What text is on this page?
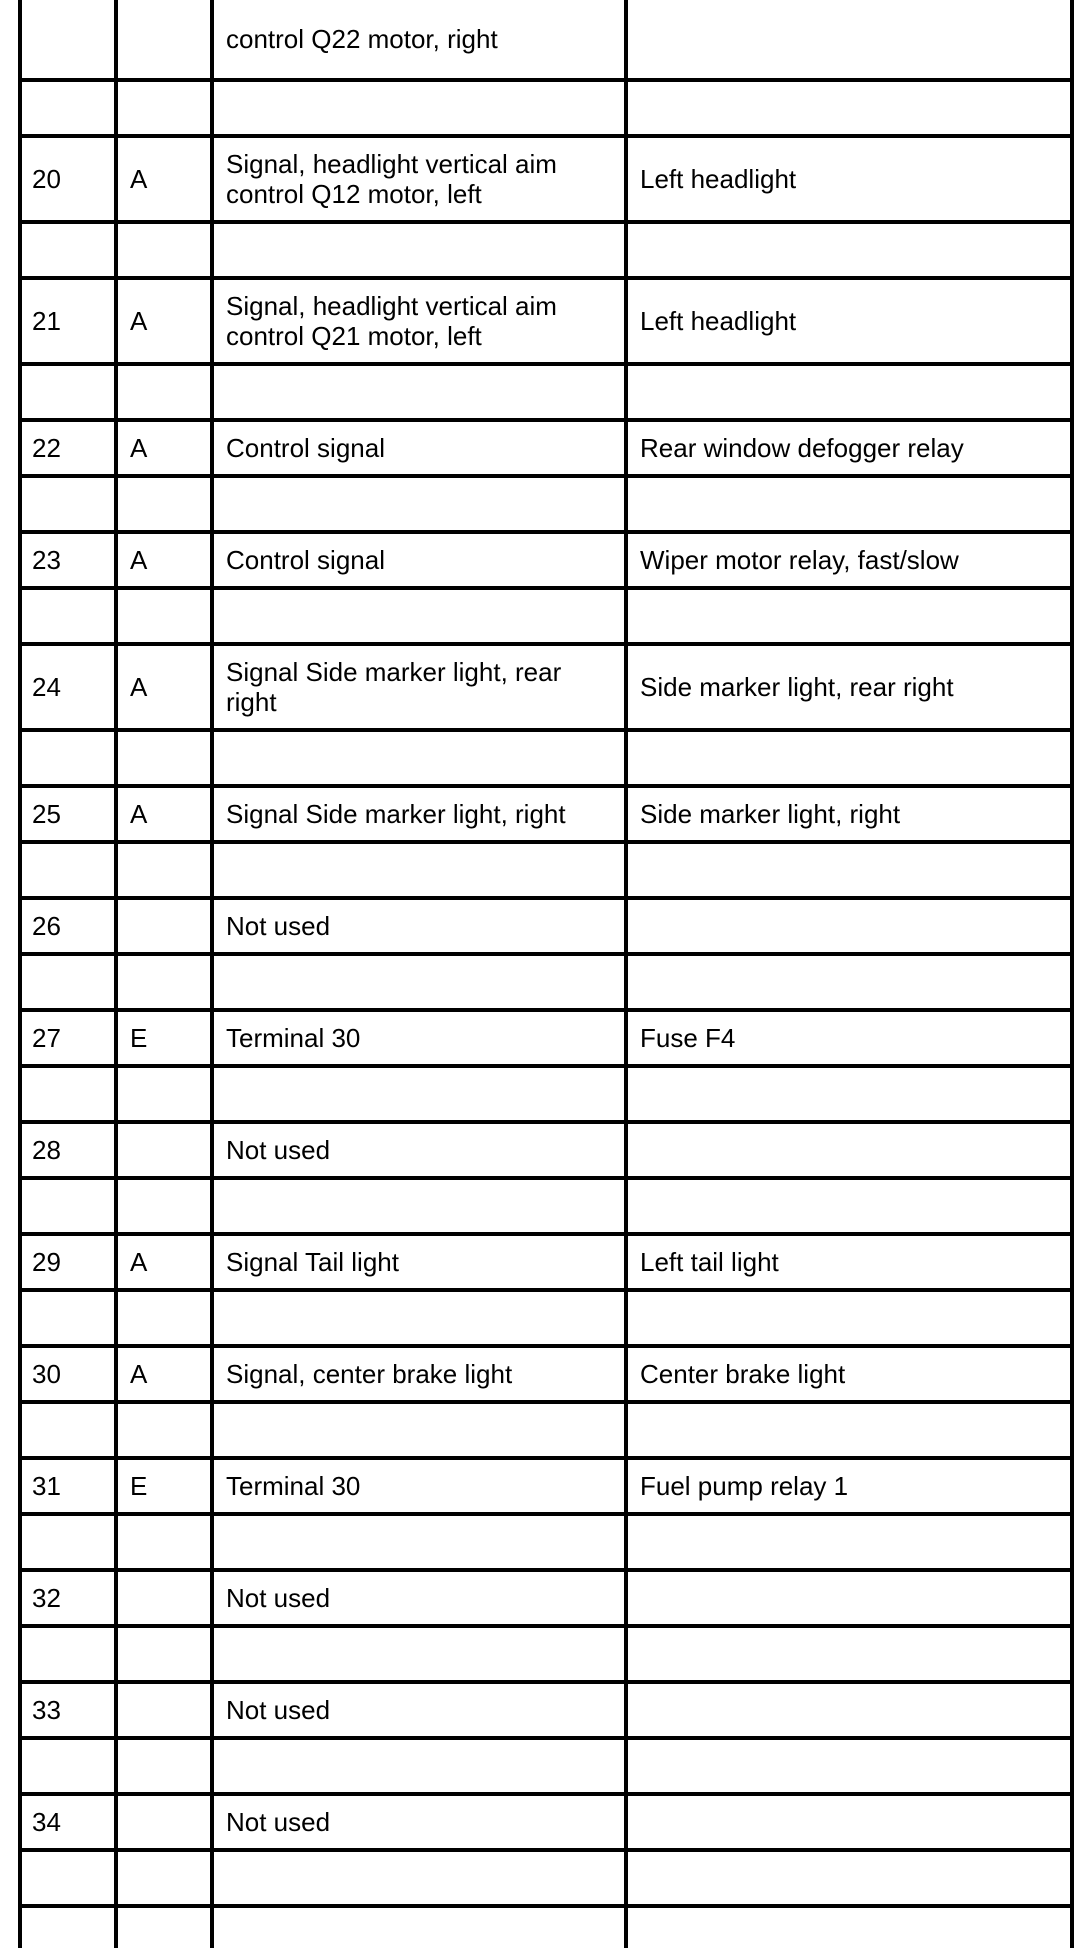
		control Q22 motor, right	

20	A	Signal, headlight vertical aim control Q12 motor, left	Left headlight

21	A	Signal, headlight vertical aim control Q21 motor, left	Left headlight

22	A	Control signal	Rear window defogger relay

23	A	Control signal	Wiper motor relay, fast/slow

24	A	Signal Side marker light, rear right	Side marker light, rear right

25	A	Signal Side marker light, right	Side marker light, right

26		Not used	

27	E	Terminal 30	Fuse F4

28		Not used	

29	A	Signal Tail light	Left tail light

30	A	Signal, center brake light	Center brake light

31	E	Terminal 30	Fuel pump relay 1

32		Not used	

33		Not used	

34		Not used	
